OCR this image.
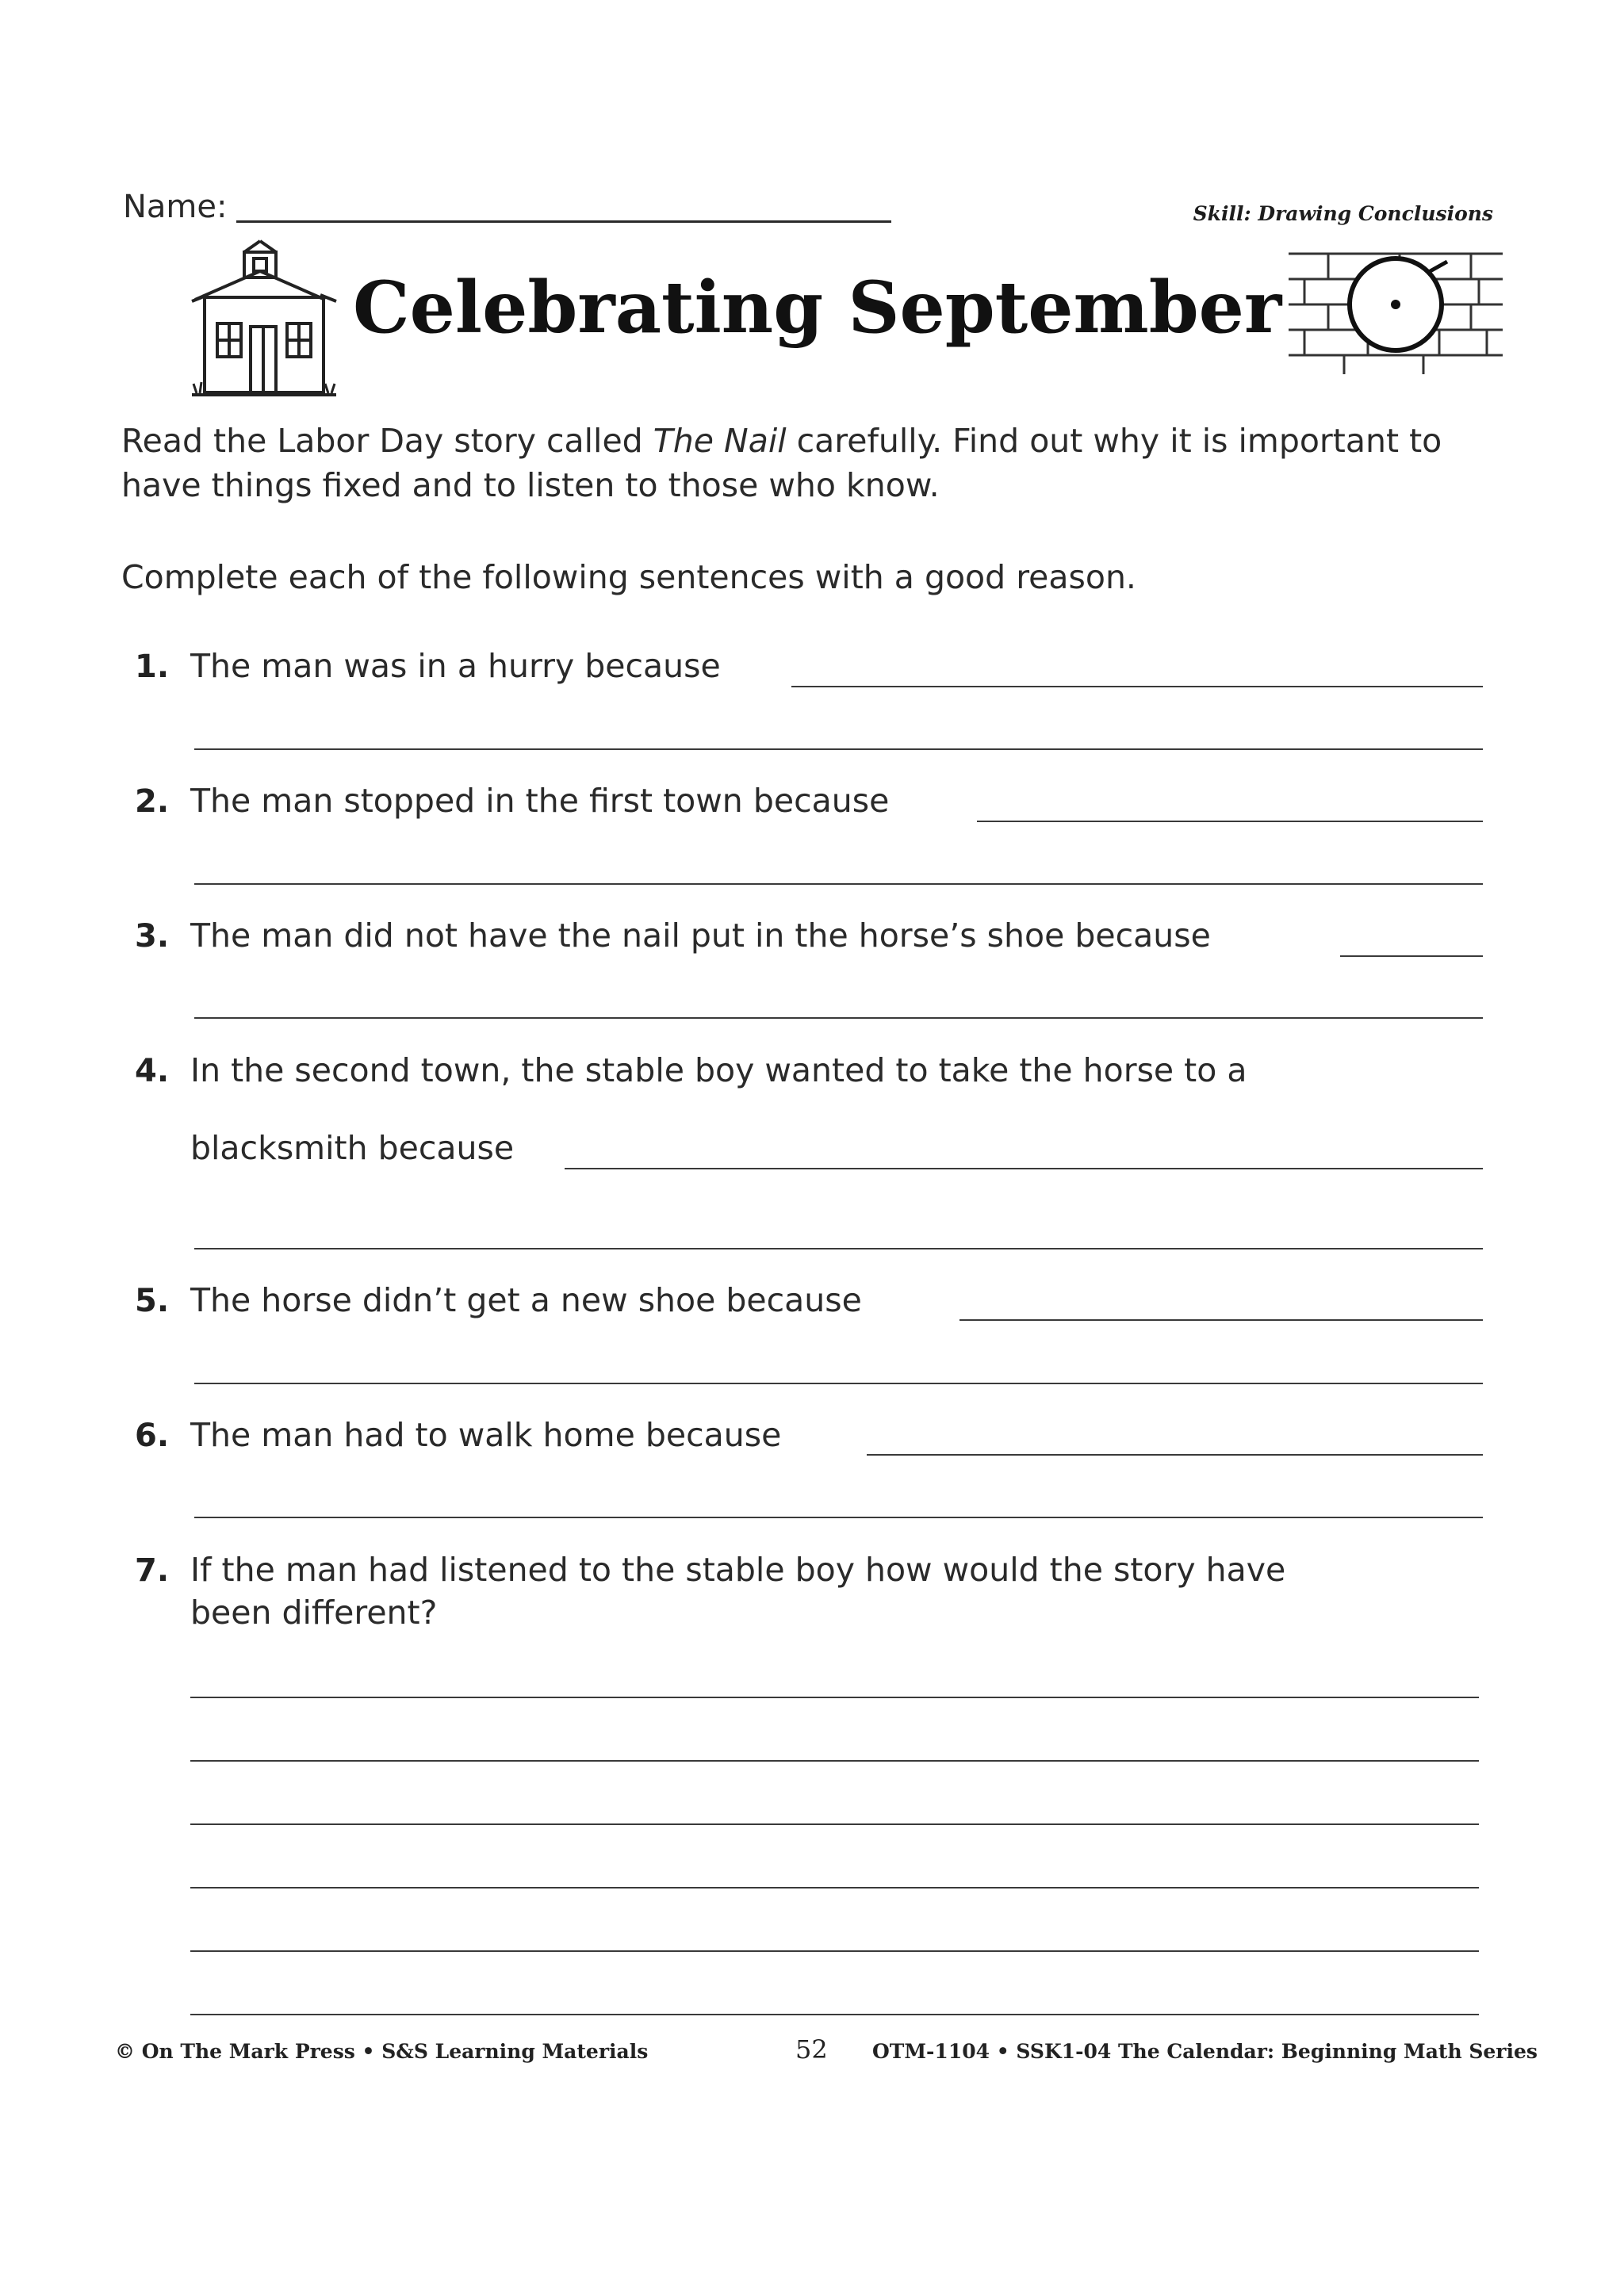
Name:	Skill: Drawing Conclusions
Celebrating September
Read the Labor Day story called The Nail carefully. Find out why it is important to have things fixed and to listen to those who know.
Complete each of the following sentences with a good reason.
1. The man was in a hurry because
2. The man stopped in the first town because
3. The man did not have the nail put in the horse’s shoe because
4. In the second town, the stable boy wanted to take the horse to a
blacksmith because
5. The horse didn’t get a new shoe because
6. The man had to walk home because
7. If the man had listened to the stable boy how would the story have
been different?
© On The Mark Press • S&S Learning Materials	52 OTM-1104 • SSK1-04 The Calendar: Beginning Math Series
